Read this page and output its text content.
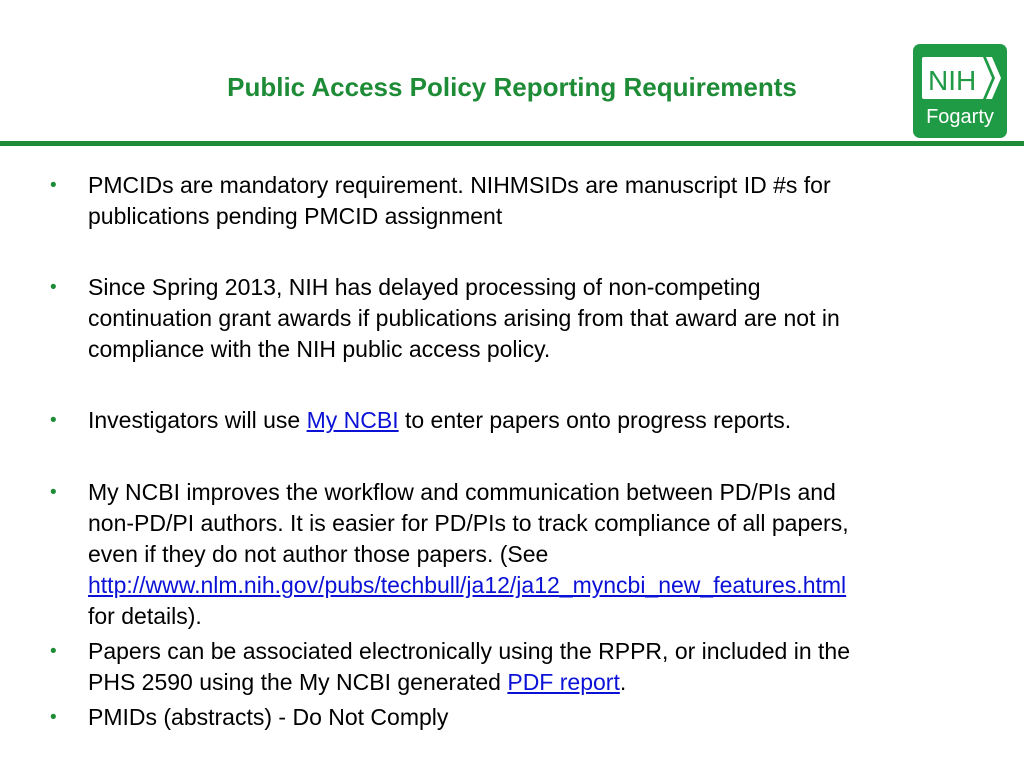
Public Access Policy Reporting Requirements	NIH
Fogarty
• PMCIDs are mandatory requirement. NIHMSIDs are manuscript ID #s for
publications pending PMCID assignment
• Since Spring 2013, NIH has delayed processing of non-competing
continuation grant awards if publications arising from that award are not in
compliance with the NIH public access policy.
• Investigators will use My NCBI to enter papers onto progress reports.
• My NCBI improves the workflow and communication between PD/PIs and
non-PD/PI authors. It is easier for PD/PIs to track compliance of all papers,
even if they do not author those papers. (See
http://www.nlm.nih.gov/pubs/techbull/ja12/ja12_myncbi_new_features.html
for details).
• Papers can be associated electronically using the RPPR, or included in the
PHS 2590 using the My NCBI generated PDF report.
• PMIDs (abstracts) - Do Not Comply
